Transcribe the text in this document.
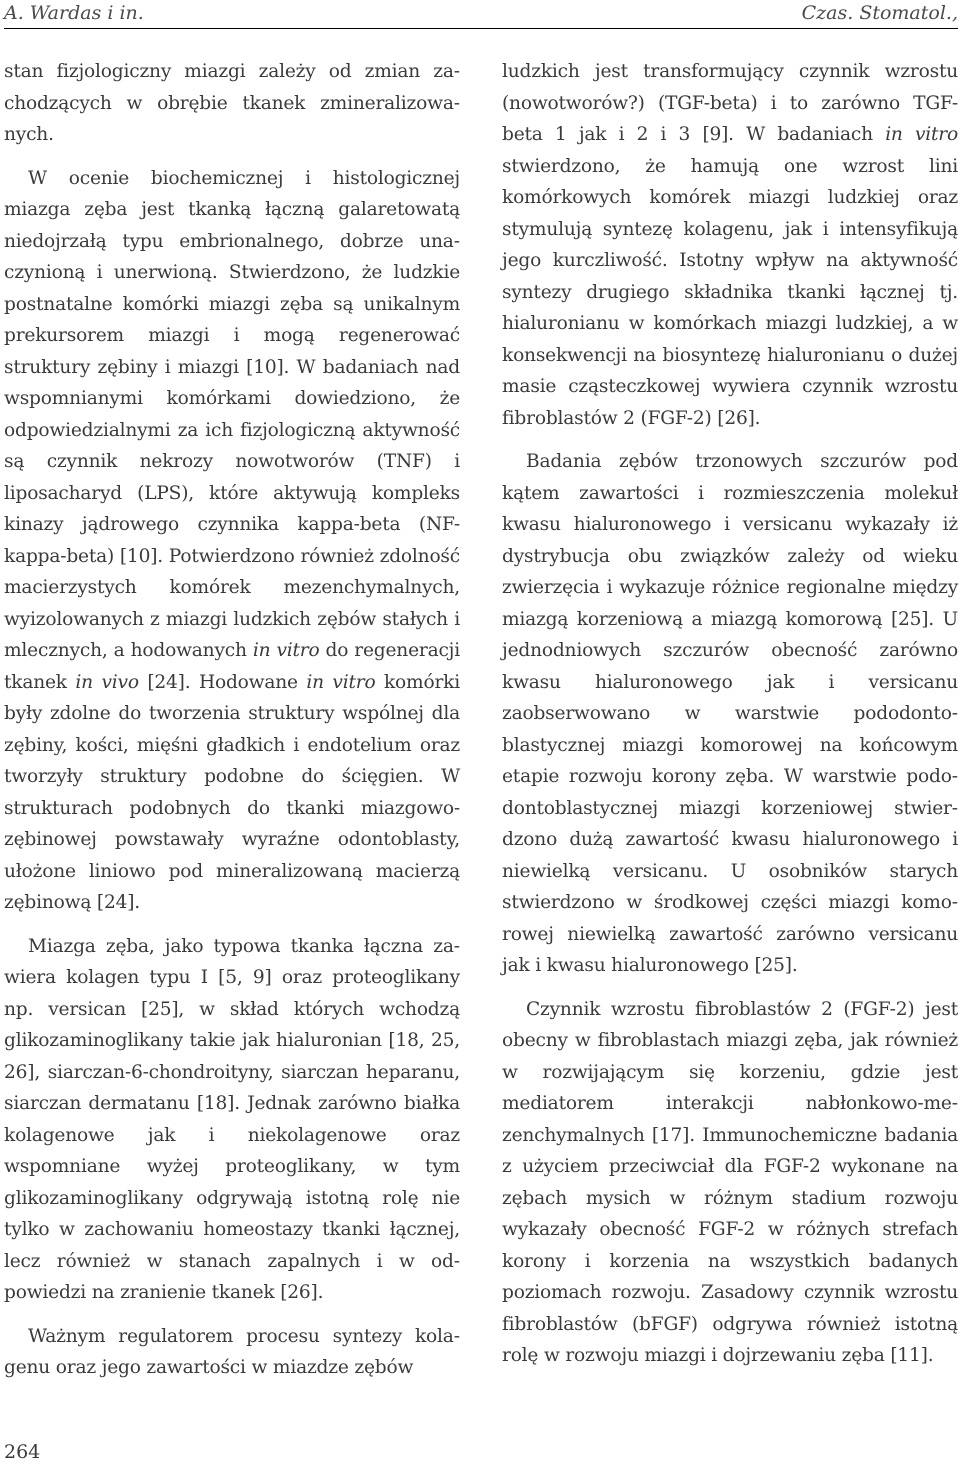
A. Wardas i in.	Czas. Stomatol.,

stan fizjologiczny miazgi zależy od zmian zachodzących w obrębie tkanek zmineralizowanych.

W ocenie biochemicznej i histologicznej miazga zęba jest tkanką łączną galaretowatą niedojrzałą typu embrionalnego, dobrze unaczynioną i unerwioną. Stwierdzono, że ludzkie postnatalne komórki miazgi zęba są unikalnym prekursorem miazgi i mogą regenerować struktury zębiny i miazgi [10]. W badaniach nad wspomnianymi komórkami dowiedziono, że odpowiedzialnymi za ich fizjologiczną aktywność są czynnik nekrozy nowotworów (TNF) i liposacharyd (LPS), które aktywują kompleks kinazy jądrowego czynnika kappa-beta (NF-kappa-beta) [10]. Potwierdzono również zdolność macierzystych komórek mezenchymalnych, wyizolowanych z miazgi ludzkich zębów stałych i mlecznych, a hodowanych in vitro do regeneracji tkanek in vivo [24]. Hodowane in vitro komórki były zdolne do tworzenia struktury wspólnej dla zębiny, kości, mięśni gładkich i endotelium oraz tworzyły struktury podobne do ścięgien. W strukturach podobnych do tkanki miazgowo-zębinowej powstawały wyraźne odontoblasty, ułożone liniowo pod mineralizowaną macierzą zębinową [24].

Miazga zęba, jako typowa tkanka łączna zawiera kolagen typu I [5, 9] oraz proteoglikany np. versican [25], w skład których wchodzą glikozaminoglikany takie jak hialuronian [18, 25, 26], siarczan-6-chondroityny, siarczan heparanu, siarczan dermatanu [18]. Jednak zarówno białka kolagenowe jak i niekolagenowe oraz wspomniane wyżej proteoglikany, w tym glikozaminoglikany odgrywają istotną rolę nie tylko w zachowaniu homeostazy tkanki łącznej, lecz również w stanach zapalnych i w odpowiedzi na zranienie tkanek [26].

Ważnym regulatorem procesu syntezy kolagenu oraz jego zawartości w miazdze zębów

ludzkich jest transformujący czynnik wzrostu (nowotworów?) (TGF-beta) i to zarówno TGF-beta 1 jak i 2 i 3 [9]. W badaniach in vitro stwierdzono, że hamują one wzrost lini komórkowych komórek miazgi ludzkiej oraz stymulują syntezę kolagenu, jak i intensyfikują jego kurczliwość. Istotny wpływ na aktywność syntezy drugiego składnika tkanki łącznej tj. hialuronianu w komórkach miazgi ludzkiej, a w konsekwencji na biosyntezę hialuronianu o dużej masie cząsteczkowej wywiera czynnik wzrostu fibroblastów 2 (FGF-2) [26].

Badania zębów trzonowych szczurów pod kątem zawartości i rozmieszczenia molekuł kwasu hialuronowego i versicanu wykazały iż dystrybucja obu związków zależy od wieku zwierzęcia i wykazuje różnice regionalne między miazgą korzeniową a miazgą komorową [25]. U jednodniowych szczurów obecność zarówno kwasu hialuronowego jak i versicanu zaobserwowano w warstwie pododontoblastycznej miazgi komorowej na końcowym etapie rozwoju korony zęba. W warstwie pododontoblastycznej miazgi korzeniowej stwierdzono dużą zawartość kwasu hialuronowego i niewielką versicanu. U osobników starych stwierdzono w środkowej części miazgi komorowej niewielką zawartość zarówno versicanu jak i kwasu hialuronowego [25].

Czynnik wzrostu fibroblastów 2 (FGF-2) jest obecny w fibroblastach miazgi zęba, jak również w rozwijającym się korzeniu, gdzie jest mediatorem interakcji nabłonkowo-mezenchymalnych [17]. Immunochemiczne badania z użyciem przeciwciał dla FGF-2 wykonane na zębach mysich w różnym stadium rozwoju wykazały obecność FGF-2 w różnych strefach korony i korzenia na wszystkich badanych poziomach rozwoju. Zasadowy czynnik wzrostu fibroblastów (bFGF) odgrywa również istotną rolę w rozwoju miazgi i dojrzewaniu zęba [11].

264
